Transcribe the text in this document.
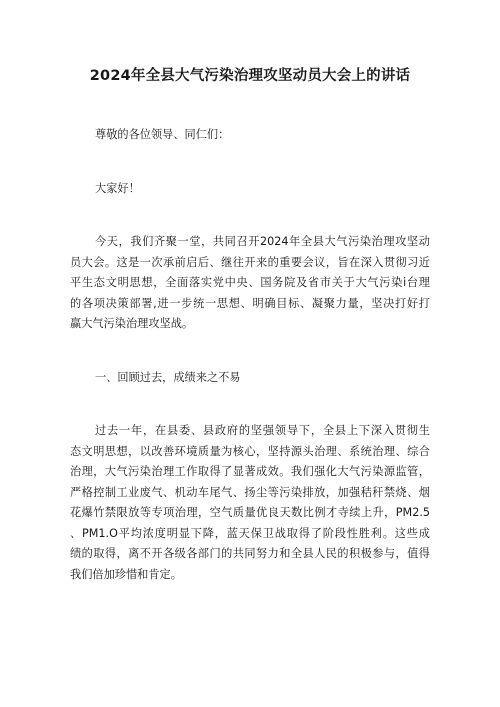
2024年全县大气污染治理攻坚动员大会上的讲话

尊敬的各位领导、同仁们：

大家好！

今天，我们齐聚一堂，共同召开2024年全县大气污染治理攻坚动
员大会。这是一次承前启后、继往开来的重要会议，旨在深入贯彻习近
平生态文明思想，全面落实党中央、国务院及省市关于大气污染i台理
的各项决策部署,进一步统一思想、明确目标、凝聚力量，坚决打好打
赢大气污染治理攻坚战。

一、回顾过去，成绩来之不易

过去一年，在县委、县政府的坚强领导下，全县上下深入贯彻生
态文明思想，以改善环境质量为核心，坚持源头治理、系统治理、综合
治理，大气污染治理工作取得了显著成效。我们强化大气污染源监管，
严格控制工业废气、机动车尾气、扬尘等污染排放，加强秸秆禁烧、烟
花爆竹禁限放等专项治理，空气质量优良天数比例才寺续上升，PM2.5
、PM1.O平均浓度明显下降，蓝天保卫战取得了阶段性胜利。这些成
绩的取得，离不开各级各部门的共同努力和全县人民的积极参与，值得
我们倍加珍惜和肯定。
